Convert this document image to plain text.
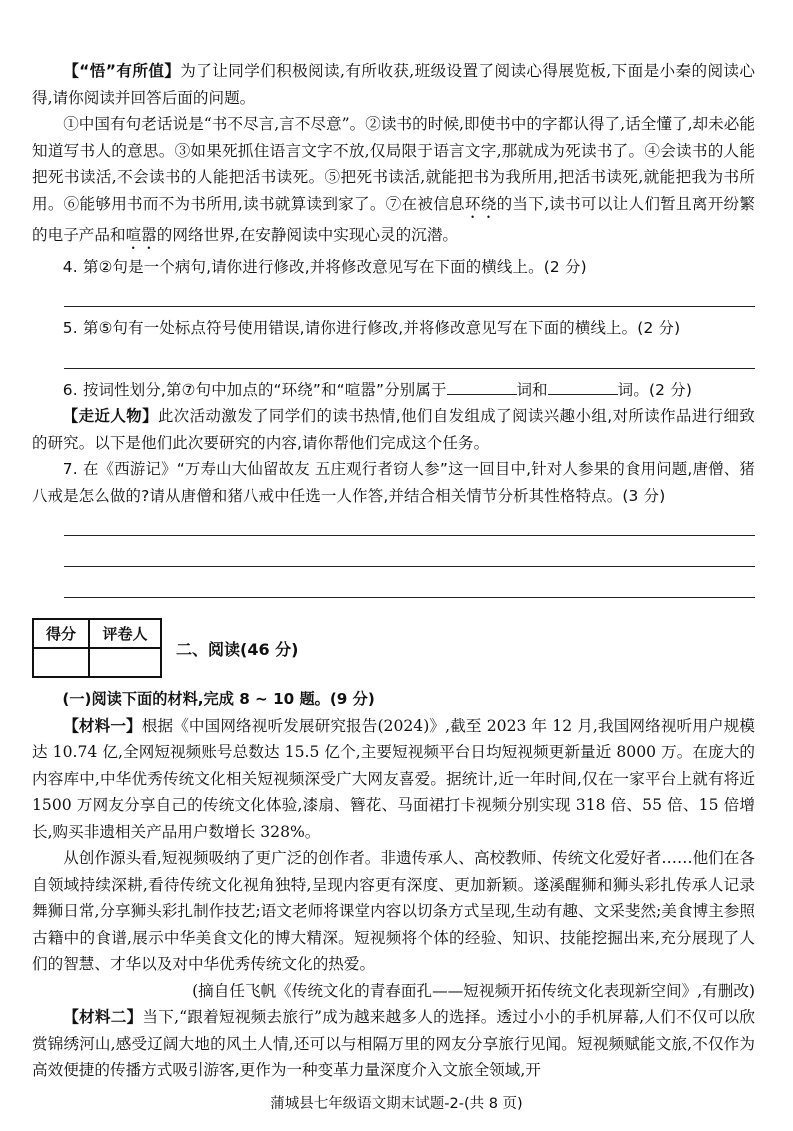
【“悟”有所值】为了让同学们积极阅读,有所收获,班级设置了阅读心得展览板,下面是小秦的阅读心得,请你阅读并回答后面的问题。

①中国有句老话说是“书不尽言,言不尽意”。②读书的时候,即使书中的字都认得了,话全懂了,却未必能知道写书人的意思。③如果死抓住语言文字不放,仅局限于语言文字,那就成为死读书了。④会读书的人能把死书读活,不会读书的人能把活书读死。⑤把死书读活,就能把书为我所用,把活书读死,就能把我为书所用。⑥能够用书而不为书所用,读书就算读到家了。⑦在被信息环绕的当下,读书可以让人们暂且离开纷繁的电子产品和喧嚣的网络世界,在安静阅读中实现心灵的沉潜。

4. 第②句是一个病句,请你进行修改,并将修改意见写在下面的横线上。(2 分)

5. 第⑤句有一处标点符号使用错误,请你进行修改,并将修改意见写在下面的横线上。(2 分)

6. 按词性划分,第⑦句中加点的“环绕”和“喧嚣”分别属于	词和	词。(2 分)

【走近人物】此次活动激发了同学们的读书热情,他们自发组成了阅读兴趣小组,对所读作品进行细致的研究。以下是他们此次要研究的内容,请你帮他们完成这个任务。

7. 在《西游记》“万寿山大仙留故友 五庄观行者窃人参”这一回目中,针对人参果的食用问题,唐僧、猪八戒是怎么做的?请从唐僧和猪八戒中任选一人作答,并结合相关情节分析其性格特点。(3 分)

得分	评卷人

二、阅读(46 分)

(一)阅读下面的材料,完成 8 ~ 10 题。(9 分)

【材料一】根据《中国网络视听发展研究报告(2024)》,截至 2023 年 12 月,我国网络视听用户规模达 10.74 亿,全网短视频账号总数达 15.5 亿个,主要短视频平台日均短视频更新量近 8000 万。在庞大的内容库中,中华优秀传统文化相关短视频深受广大网友喜爱。据统计,近一年时间,仅在一家平台上就有将近 1500 万网友分享自己的传统文化体验,漆扇、簪花、马面裙打卡视频分别实现 318 倍、55 倍、15 倍增长,购买非遗相关产品用户数增长 328%。

从创作源头看,短视频吸纳了更广泛的创作者。非遗传承人、高校教师、传统文化爱好者……他们在各自领域持续深耕,看待传统文化视角独特,呈现内容更有深度、更加新颖。遂溪醒狮和狮头彩扎传承人记录舞狮日常,分享狮头彩扎制作技艺;语文老师将课堂内容以切条方式呈现,生动有趣、文采斐然;美食博主参照古籍中的食谱,展示中华美食文化的博大精深。短视频将个体的经验、知识、技能挖掘出来,充分展现了人们的智慧、才华以及对中华优秀传统文化的热爱。

(摘自任飞帆《传统文化的青春面孔——短视频开拓传统文化表现新空间》,有删改)

【材料二】当下,“跟着短视频去旅行”成为越来越多人的选择。透过小小的手机屏幕,人们不仅可以欣赏锦绣河山,感受辽阔大地的风土人情,还可以与相隔万里的网友分享旅行见闻。短视频赋能文旅,不仅作为高效便捷的传播方式吸引游客,更作为一种变革力量深度介入文旅全领域,开

蒲城县七年级语文期末试题-2-(共 8 页)
